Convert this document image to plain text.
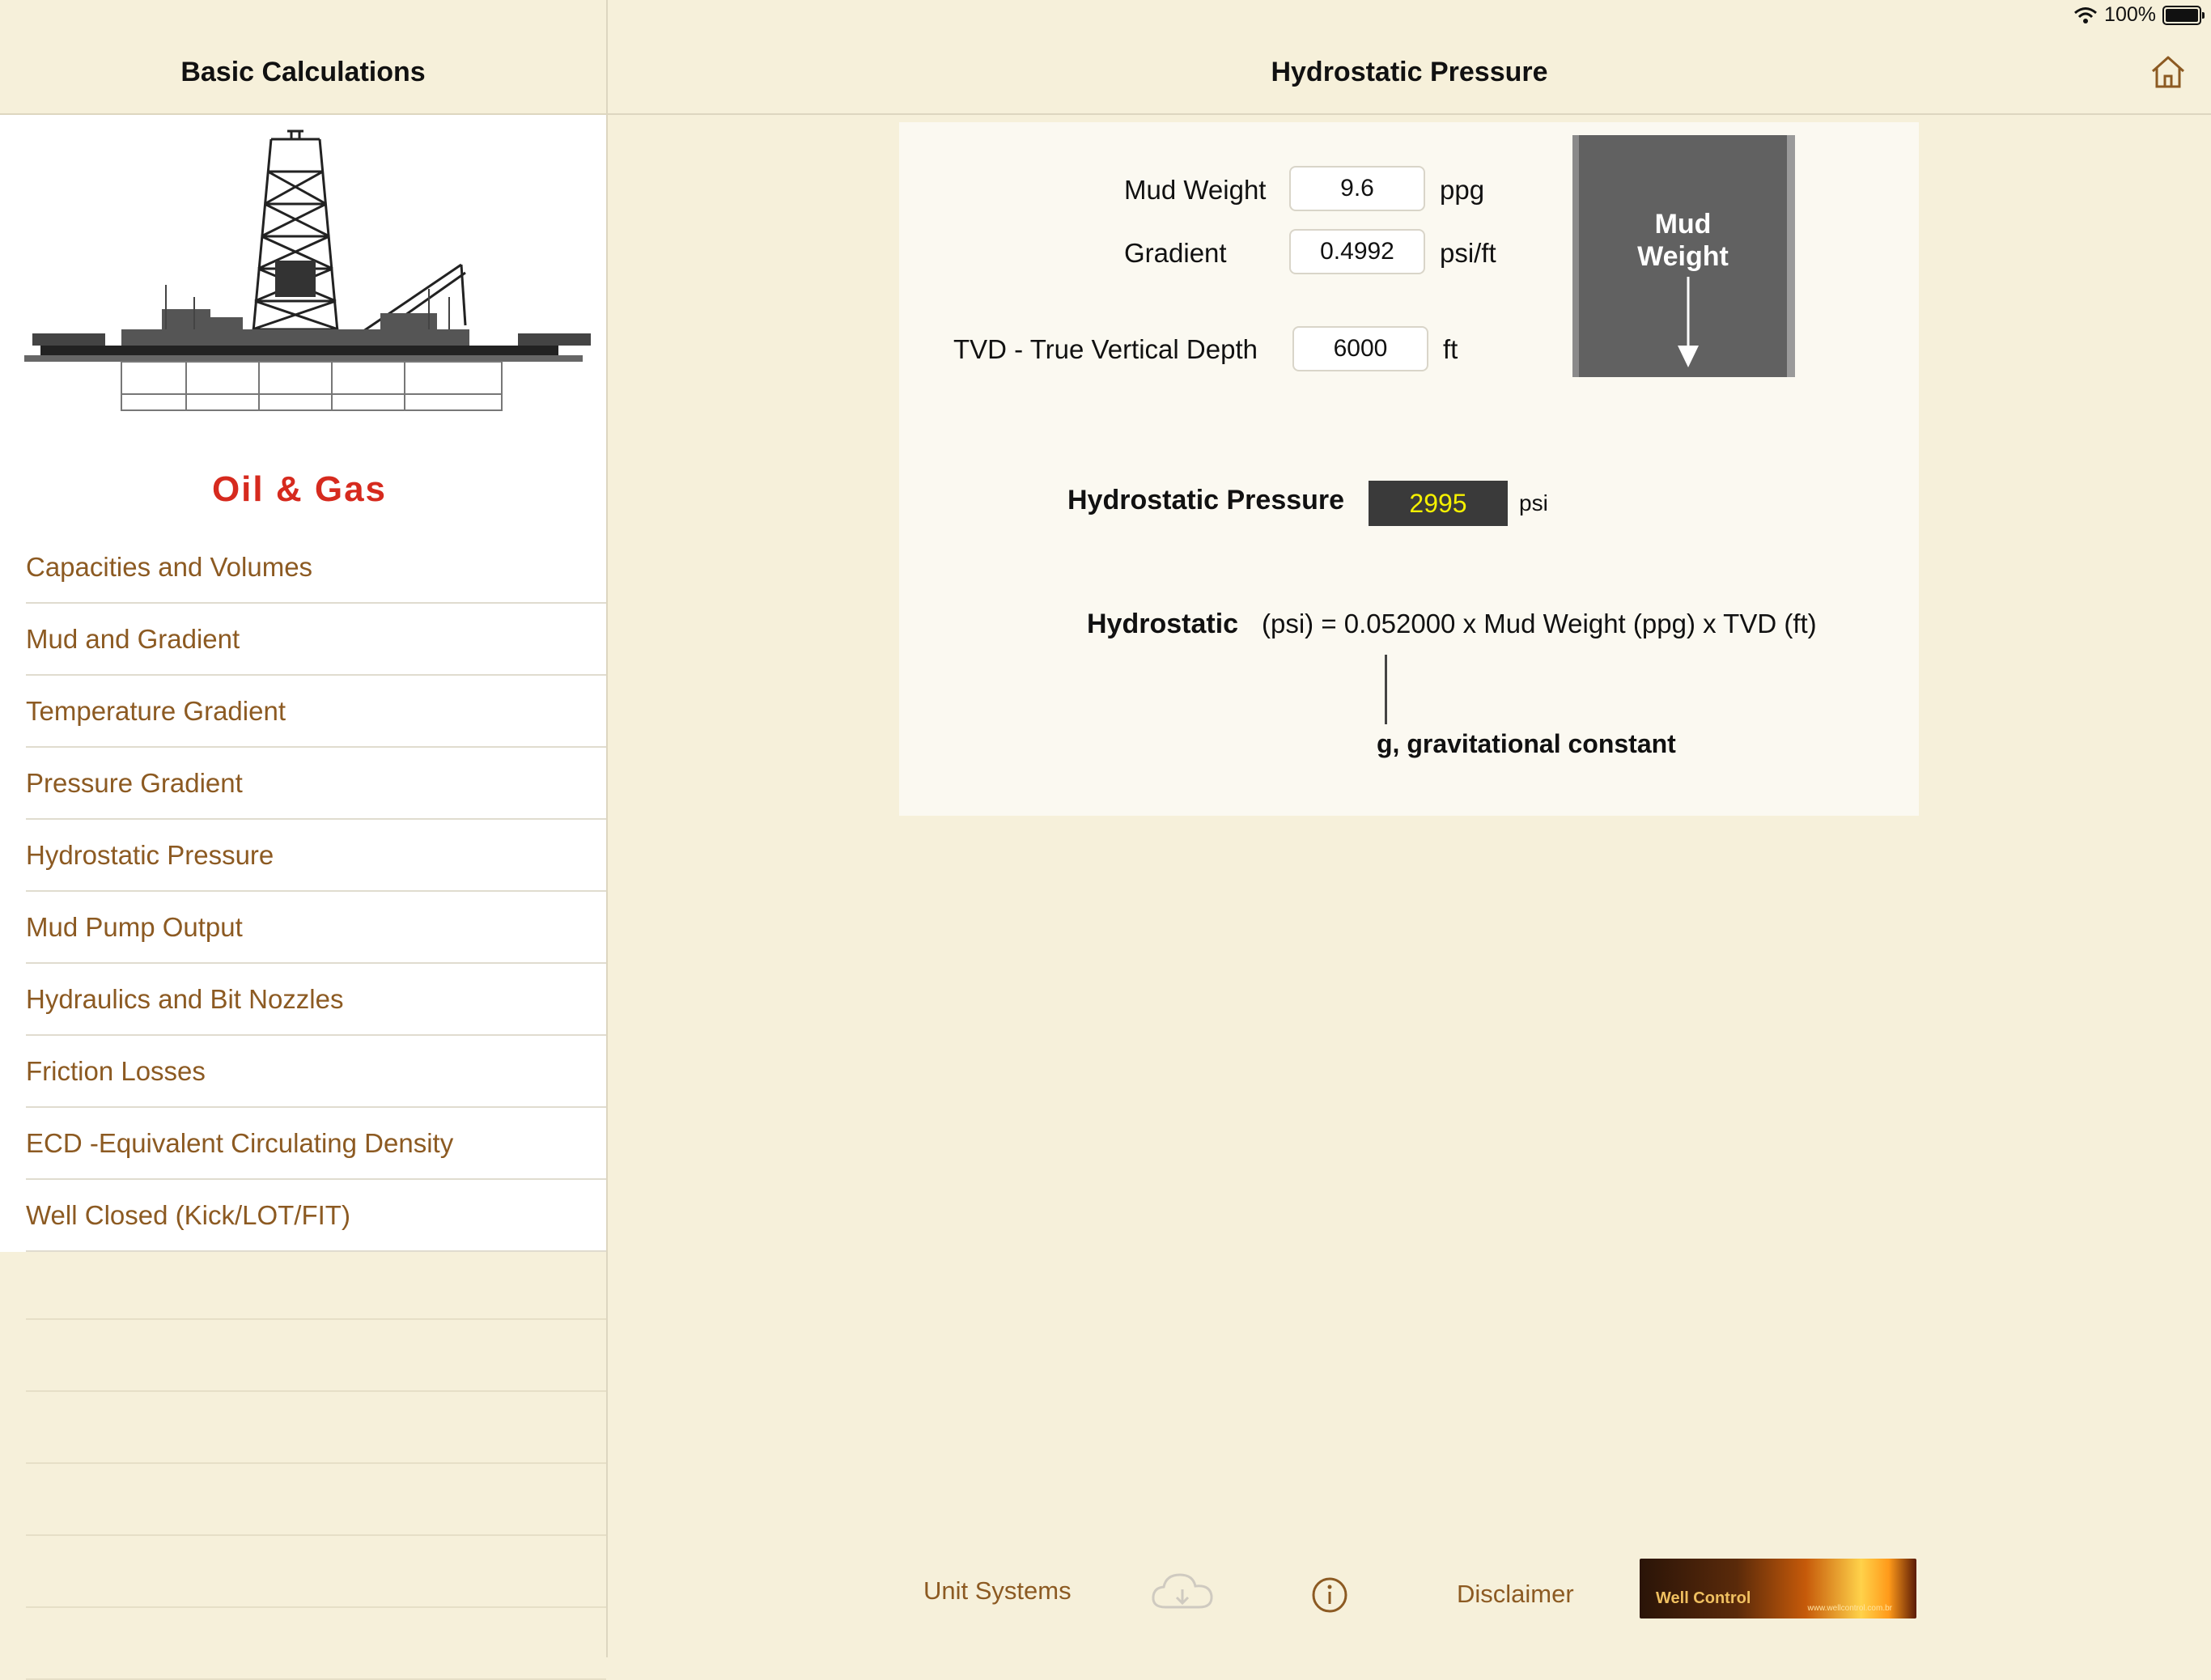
100%
Basic Calculations
Oil & Gas
Capacities and Volumes
Mud and Gradient
Temperature Gradient
Pressure Gradient
Hydrostatic Pressure
Mud Pump Output
Hydraulics and Bit Nozzles
Friction Losses
ECD -Equivalent Circulating Density
Well Closed (Kick/LOT/FIT)
Hydrostatic Pressure
Mud Weight
9.6	ppg
Gradient
0.4992	psi/ft
TVD - True Vertical Depth
6000	ft
Mud
Weight
Hydrostatic Pressure	2995	psi
Hydrostatic (psi) = 0.052000 x Mud Weight (ppg) x TVD (ft)
g, gravitational constant
Unit Systems	Disclaimer	Well Control
www.wellcontrol.com.br
